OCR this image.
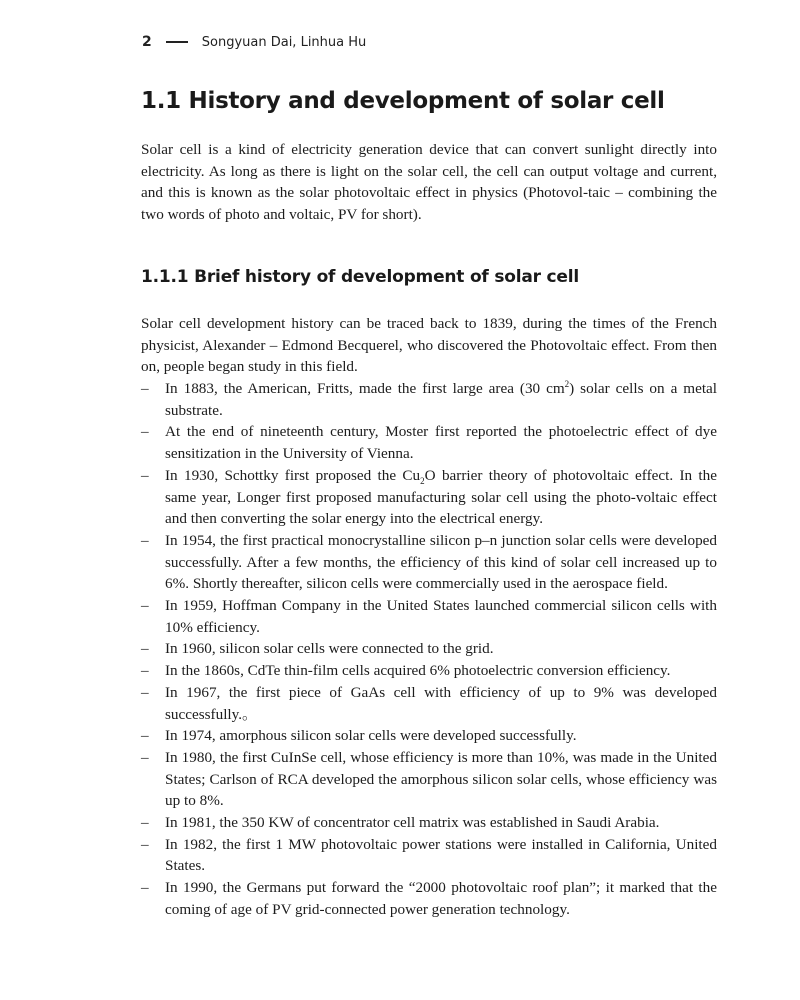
2	Songyuan Dai, Linhua Hu
1.1 History and development of solar cell

Solar cell is a kind of electricity generation device that can convert sunlight directly into electricity. As long as there is light on the solar cell, the cell can output voltage and current, and this is known as the solar photovoltaic effect in physics (Photovol-taic – combining the two words of photo and voltaic, PV for short).

1.1.1 Brief history of development of solar cell

Solar cell development history can be traced back to 1839, during the times of the French physicist, Alexander – Edmond Becquerel, who discovered the Photovoltaic effect. From then on, people began study in this field.

– In 1883, the American, Fritts, made the first large area (30 $cm^2$) solar cells on a metal substrate.
– At the end of nineteenth century, Moster first reported the photoelectric effect of dye sensitization in the University of Vienna.
– In 1930, Schottky first proposed the $Cu_2O$ barrier theory of photovoltaic effect. In the same year, Longer first proposed manufacturing solar cell using the photo-voltaic effect and then converting the solar energy into the electrical energy.
– In 1954, the first practical monocrystalline silicon p–n junction solar cells were developed successfully. After a few months, the efficiency of this kind of solar cell increased up to 6%. Shortly thereafter, silicon cells were commercially used in the aerospace field.
– In 1959, Hoffman Company in the United States launched commercial silicon cells with 10% efficiency.
– In 1960, silicon solar cells were connected to the grid.
– In the 1860s, CdTe thin-film cells acquired 6% photoelectric conversion efficiency.
– In 1967, the first piece of GaAs cell with efficiency of up to 9% was developed successfully.。
– In 1974, amorphous silicon solar cells were developed successfully.
– In 1980, the first CuInSe cell, whose efficiency is more than 10%, was made in the United States; Carlson of RCA developed the amorphous silicon solar cells, whose efficiency was up to 8%.
– In 1981, the 350 KW of concentrator cell matrix was established in Saudi Arabia.
– In 1982, the first 1 MW photovoltaic power stations were installed in California, United States.
– In 1990, the Germans put forward the “2000 photovoltaic roof plan”; it marked that the coming of age of PV grid-connected power generation technology.
